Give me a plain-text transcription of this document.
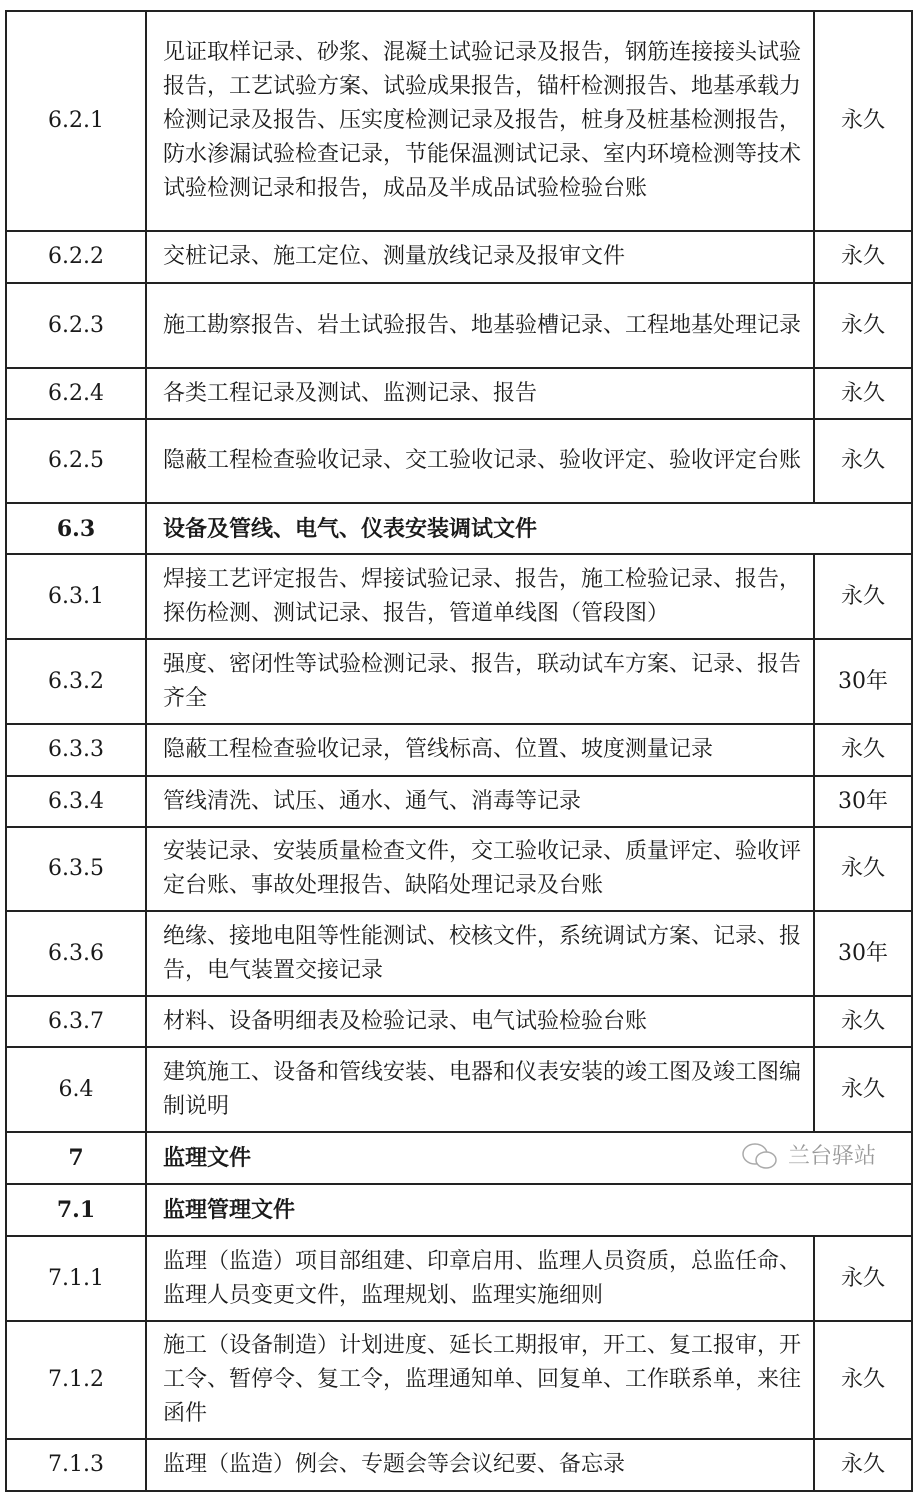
6.2.1	见证取样记录、砂浆、混凝土试验记录及报告，钢筋连接接头试验报告，工艺试验方案、试验成果报告，锚杆检测报告、地基承载力检测记录及报告、压实度检测记录及报告，桩身及桩基检测报告，防水渗漏试验检查记录，节能保温测试记录、室内环境检测等技术试验检测记录和报告，成品及半成品试验检验台账	永久
6.2.2	交桩记录、施工定位、测量放线记录及报审文件	永久
6.2.3	施工勘察报告、岩土试验报告、地基验槽记录、工程地基处理记录	永久
6.2.4	各类工程记录及测试、监测记录、报告	永久
6.2.5	隐蔽工程检查验收记录、交工验收记录、验收评定、验收评定台账	永久
6.3	设备及管线、电气、仪表安装调试文件	
6.3.1	焊接工艺评定报告、焊接试验记录、报告，施工检验记录、报告，探伤检测、测试记录、报告，管道单线图（管段图）	永久
6.3.2	强度、密闭性等试验检测记录、报告，联动试车方案、记录、报告齐全	30年
6.3.3	隐蔽工程检查验收记录，管线标高、位置、坡度测量记录	永久
6.3.4	管线清洗、试压、通水、通气、消毒等记录	30年
6.3.5	安装记录、安装质量检查文件，交工验收记录、质量评定、验收评定台账、事故处理报告、缺陷处理记录及台账	永久
6.3.6	绝缘、接地电阻等性能测试、校核文件，系统调试方案、记录、报告，电气装置交接记录	30年
6.3.7	材料、设备明细表及检验记录、电气试验检验台账	永久
6.4	建筑施工、设备和管线安装、电器和仪表安装的竣工图及竣工图编制说明	永久
7	监理文件	
7.1	监理管理文件	
7.1.1	监理（监造）项目部组建、印章启用、监理人员资质，总监任命、监理人员变更文件，监理规划、监理实施细则	永久
7.1.2	施工（设备制造）计划进度、延长工期报审，开工、复工报审，开工令、暂停令、复工令，监理通知单、回复单、工作联系单，来往函件	永久
7.1.3	监理（监造）例会、专题会等会议纪要、备忘录	永久
兰台驿站
